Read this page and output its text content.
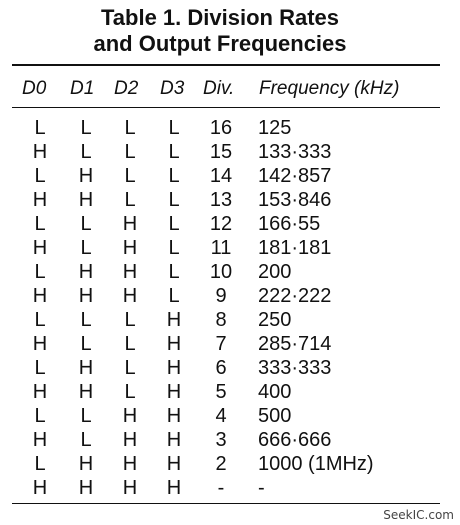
Table 1. Division Rates
and Output Frequencies
D0 D1 D2 D3 Div. Frequency (kHz)
L L L L 16 125
H L L L 15 133·333
L H L L 14 142·857
H H L L 13 153·846
L L H L 12 166·55
H L H L 11 181·181
L H H L 10 200
H H H L	9	222·222
L L L H	8	250
H L L H	7	285·714
L H L H	6	333·333
H H L H	5	400
L L H H	4	500
H L H H	3	666·666
L H H H	2	1000 (1MHz)
H H H H	-	-
SeekIC.com
